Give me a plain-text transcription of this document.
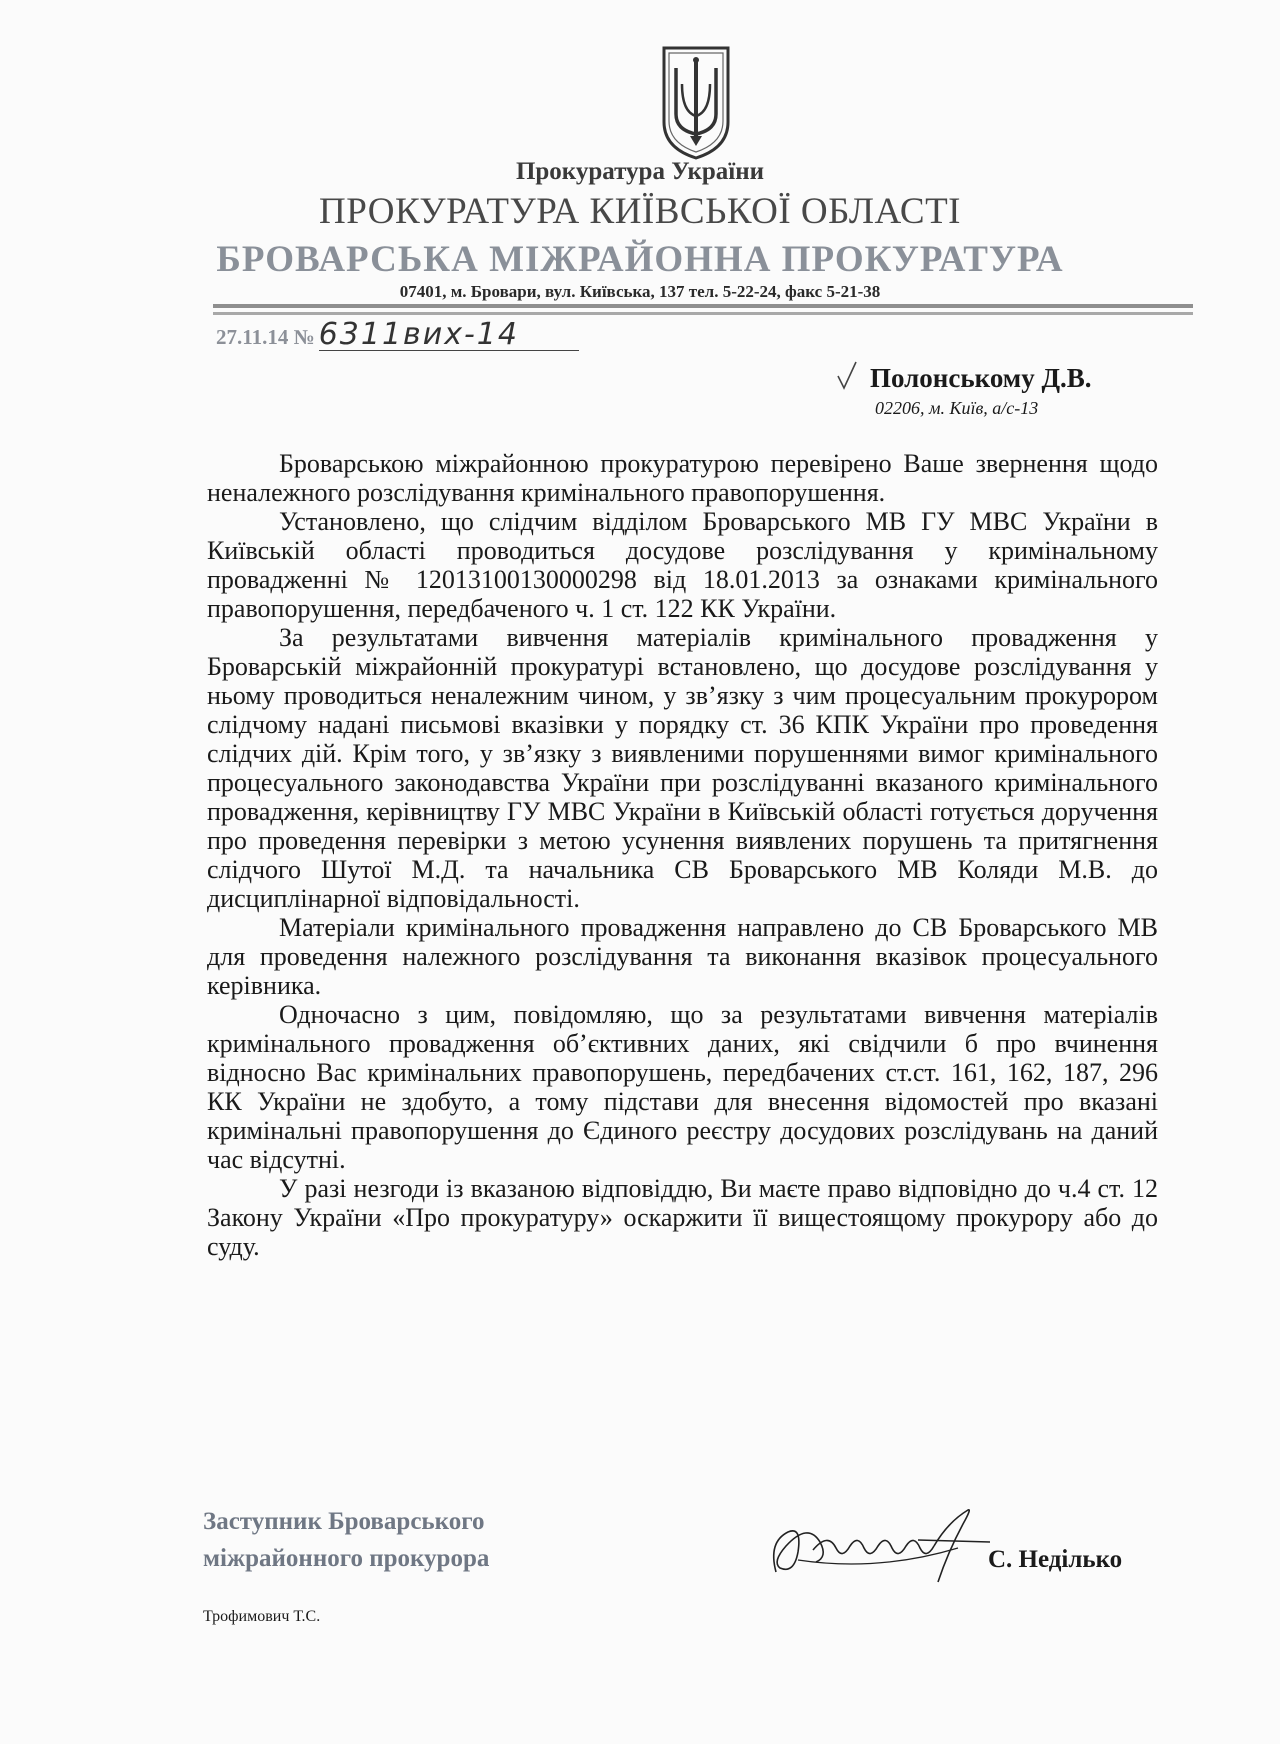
Прокуратура України
ПРОКУРАТУРА КИЇВСЬКОЇ ОБЛАСТІ
БРОВАРСЬКА МІЖРАЙОННА ПРОКУРАТУРА
07401, м. Бровари, вул. Київська, 137 тел. 5-22-24, факс 5-21-38
27.11.14 № 6311вих-14
Полонському Д.В.
02206, м. Київ, а/с-13

Броварською міжрайонною прокуратурою перевірено Ваше звернення щодо неналежного розслідування кримінального правопорушення.

Установлено, що слідчим відділом Броварського МВ ГУ МВС України в Київській області проводиться досудове розслідування у кримінальному провадженні № 12013100130000298 від 18.01.2013 за ознаками кримінального правопорушення, передбаченого ч. 1 ст. 122 КК України.

За результатами вивчення матеріалів кримінального провадження у Броварській міжрайонній прокуратурі встановлено, що досудове розслідування у ньому проводиться неналежним чином, у зв’язку з чим процесуальним прокурором слідчому надані письмові вказівки у порядку ст. 36 КПК України про проведення слідчих дій. Крім того, у зв’язку з виявленими порушеннями вимог кримінального процесуального законодавства України при розслідуванні вказаного кримінального провадження, керівництву ГУ МВС України в Київській області готується доручення про проведення перевірки з метою усунення виявлених порушень та притягнення слідчого Шутої М.Д. та начальника СВ Броварського МВ Коляди М.В. до дисциплінарної відповідальності.

Матеріали кримінального провадження направлено до СВ Броварського МВ для проведення належного розслідування та виконання вказівок процесуального керівника.

Одночасно з цим, повідомляю, що за результатами вивчення матеріалів кримінального провадження об’єктивних даних, які свідчили б про вчинення відносно Вас кримінальних правопорушень, передбачених ст.ст. 161, 162, 187, 296 КК України не здобуто, а тому підстави для внесення відомостей про вказані кримінальні правопорушення до Єдиного реєстру досудових розслідувань на даний час відсутні.

У разі незгоди із вказаною відповіддю, Ви маєте право відповідно до ч.4 ст. 12 Закону України «Про прокуратуру» оскаржити її вищестоящому прокурору або до суду.

Заступник Броварського
міжрайонного прокурора	С. Неділько
Трофимович Т.С.
